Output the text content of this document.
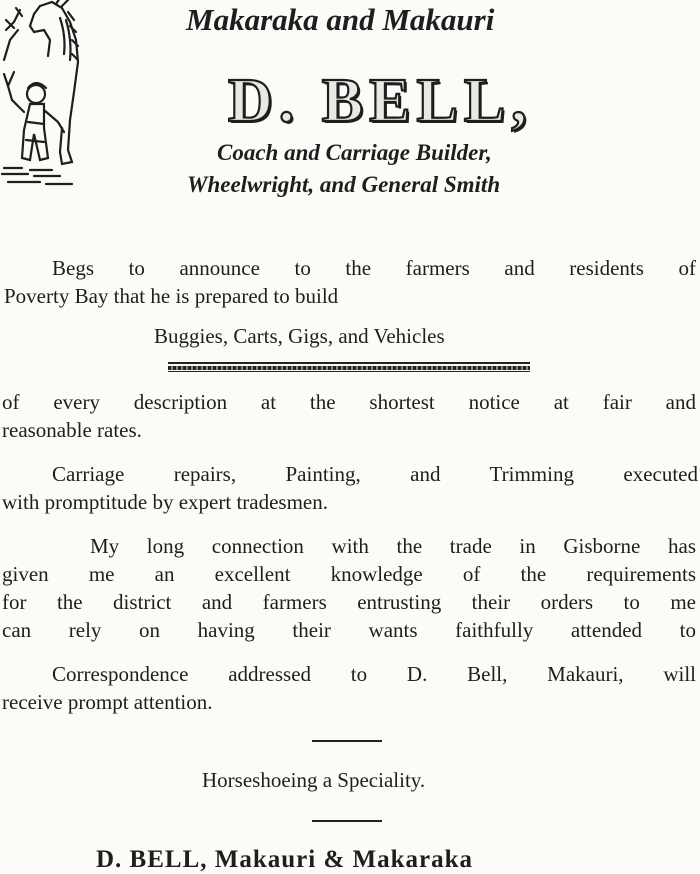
Makaraka and Makauri
D. BELL,
Coach and Carriage Builder,
Wheelwright, and General Smith
Begs to announce to the farmers and residents of
Poverty Bay that he is prepared to build
Buggies, Carts, Gigs, and Vehicles
of every description at the shortest notice at fair and
reasonable rates.
Carriage repairs, Painting, and Trimming executed
with promptitude by expert tradesmen.
My long connection with the trade in Gisborne has
given me an excellent knowledge of the requirements
for the district and farmers entrusting their orders to me
can rely on having their wants faithfully attended to
Correspondence addressed to D. Bell, Makauri, will
receive prompt attention.
Horseshoeing a Speciality.
D. BELL, Makauri & Makaraka
